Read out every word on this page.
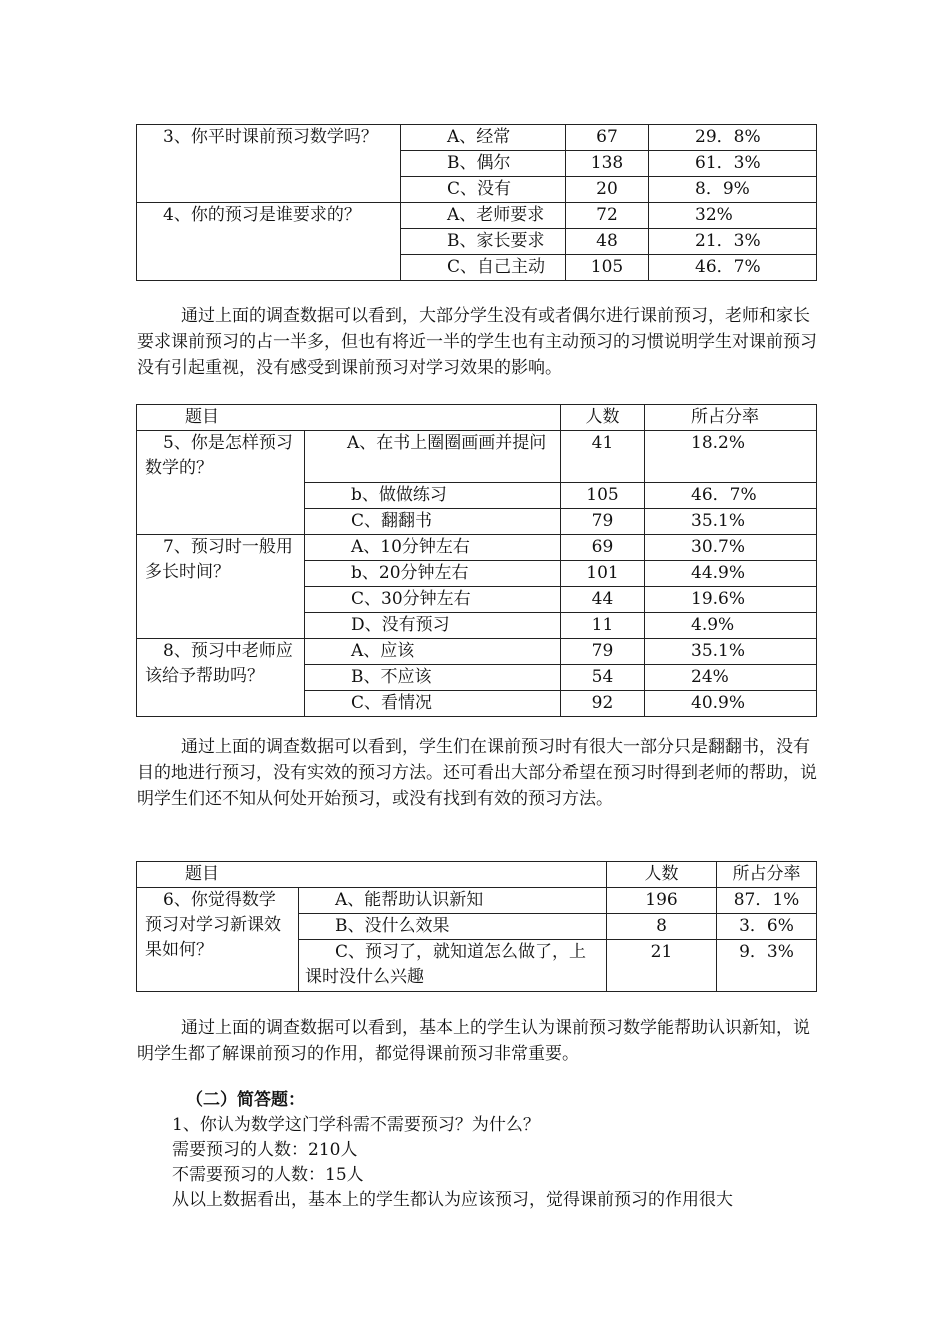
3、你平时课前预习数学吗？	A、经常	67	29．8%
	B、偶尔	138	61．3%
	C、没有	20	8．9%
4、你的预习是谁要求的？	A、老师要求	72	32%
	B、家长要求	48	21．3%
	C、自己主动	105	46．7%

通过上面的调查数据可以看到，大部分学生没有或者偶尔进行课前预习，老师和家长要求课前预习的占一半多，但也有将近一半的学生也有主动预习的习惯说明学生对课前预习没有引起重视，没有感受到课前预习对学习效果的影响。

题目		人数	所占分率
5、你是怎样预习数学的？	A、在书上圈圈画画并提问	41	18.2%
	b、做做练习	105	46．7%
	C、翻翻书	79	35.1%
7、预习时一般用多长时间？	A、10分钟左右	69	30.7%
	b、20分钟左右	101	44.9%
	C、30分钟左右	44	19.6%
	D、没有预习	11	4.9%
8、预习中老师应该给予帮助吗？	A、应该	79	35.1%
	B、不应该	54	24%
	C、看情况	92	40.9%

通过上面的调查数据可以看到，学生们在课前预习时有很大一部分只是翻翻书，没有目的地进行预习，没有实效的预习方法。还可看出大部分希望在预习时得到老师的帮助，说明学生们还不知从何处开始预习，或没有找到有效的预习方法。

题目		人数	所占分率
6、你觉得数学预习对学习新课效果如何？	A、能帮助认识新知	196	87．1%
	B、没什么效果	8	3．6%
	C、预习了，就知道怎么做了，上课时没什么兴趣	21	9．3%

通过上面的调查数据可以看到，基本上的学生认为课前预习数学能帮助认识新知，说明学生都了解课前预习的作用，都觉得课前预习非常重要。

（二）简答题：

1、你认为数学这门学科需不需要预习？为什么？

需要预习的人数：210人

不需要预习的人数：15人

从以上数据看出，基本上的学生都认为应该预习，觉得课前预习的作用很大
